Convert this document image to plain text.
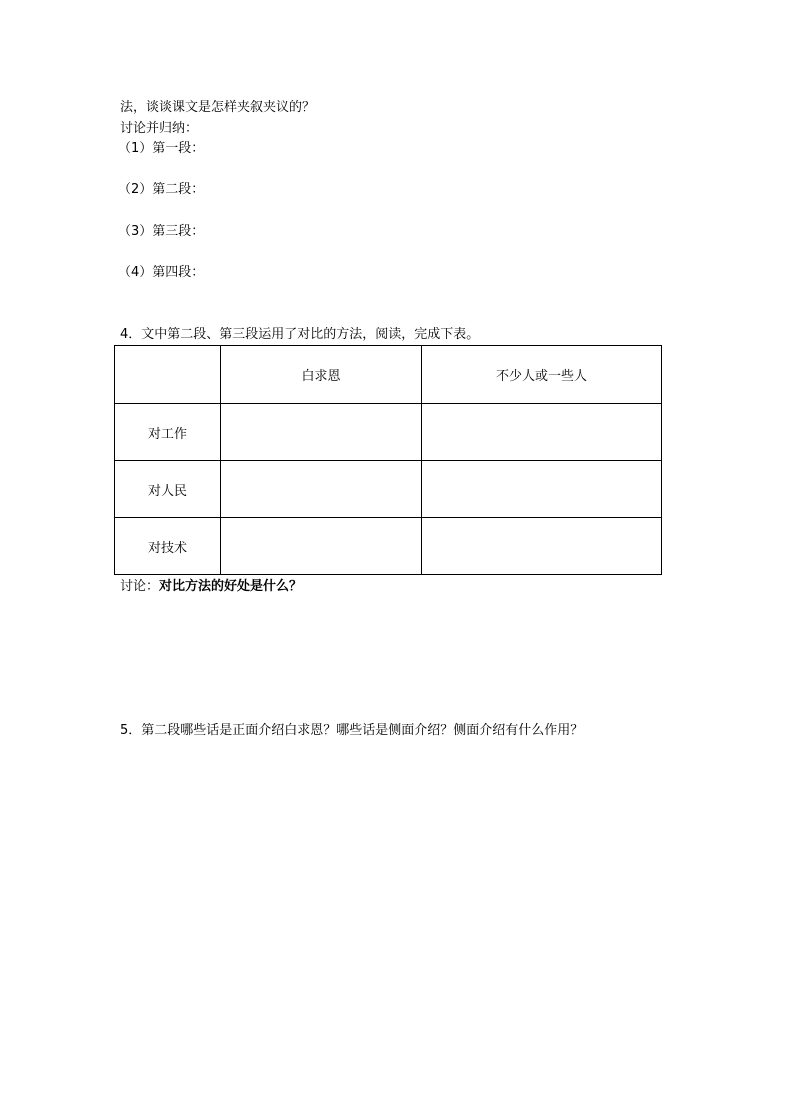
法，谈谈课文是怎样夹叙夹议的？
讨论并归纳：
（1）第一段：
（2）第二段：
（3）第三段：
（4）第四段：
4．文中第二段、第三段运用了对比的方法，阅读，完成下表。
	白求恩	不少人或一些人
对工作		
对人民		
对技术		
讨论：对比方法的好处是什么？
5．第二段哪些话是正面介绍白求恩？哪些话是侧面介绍？侧面介绍有什么作用？
